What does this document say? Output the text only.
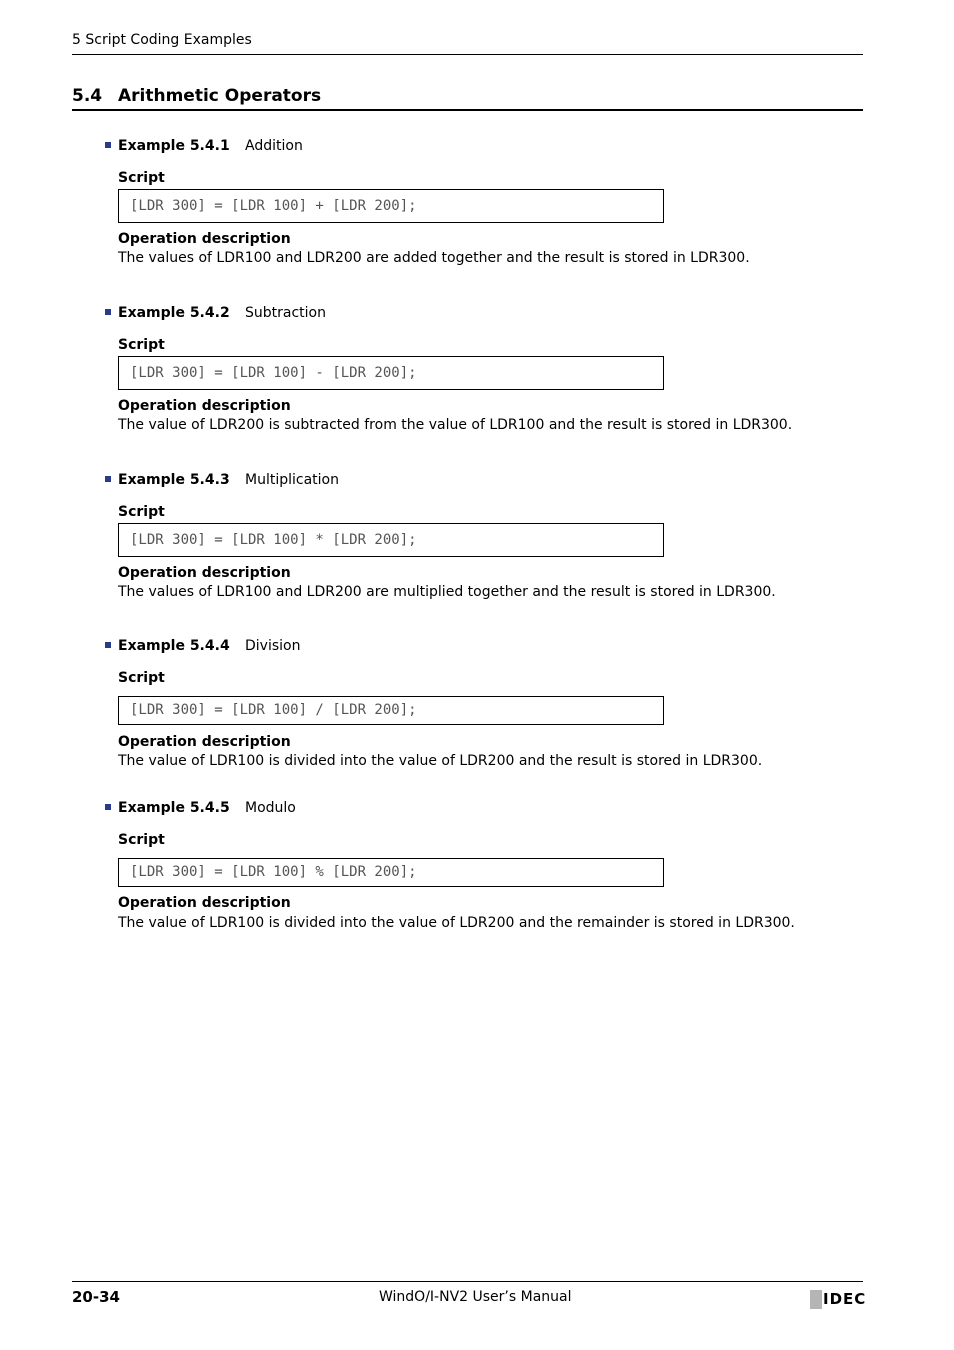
5 Script Coding Examples
5.4 Arithmetic Operators
Example 5.4.1 Addition
Script
[LDR 300] = [LDR 100] + [LDR 200];
Operation description
The values of LDR100 and LDR200 are added together and the result is stored in LDR300.
Example 5.4.2 Subtraction
Script
[LDR 300] = [LDR 100] - [LDR 200];
Operation description
The value of LDR200 is subtracted from the value of LDR100 and the result is stored in LDR300.
Example 5.4.3 Multiplication
Script
[LDR 300] = [LDR 100] * [LDR 200];
Operation description
The values of LDR100 and LDR200 are multiplied together and the result is stored in LDR300.
Example 5.4.4 Division
Script
[LDR 300] = [LDR 100] / [LDR 200];
Operation description
The value of LDR100 is divided into the value of LDR200 and the result is stored in LDR300.
Example 5.4.5 Modulo
Script
[LDR 300] = [LDR 100] % [LDR 200];
Operation description
The value of LDR100 is divided into the value of LDR200 and the remainder is stored in LDR300.
20-34	WindO/I-NV2 User’s Manual	IDEC
